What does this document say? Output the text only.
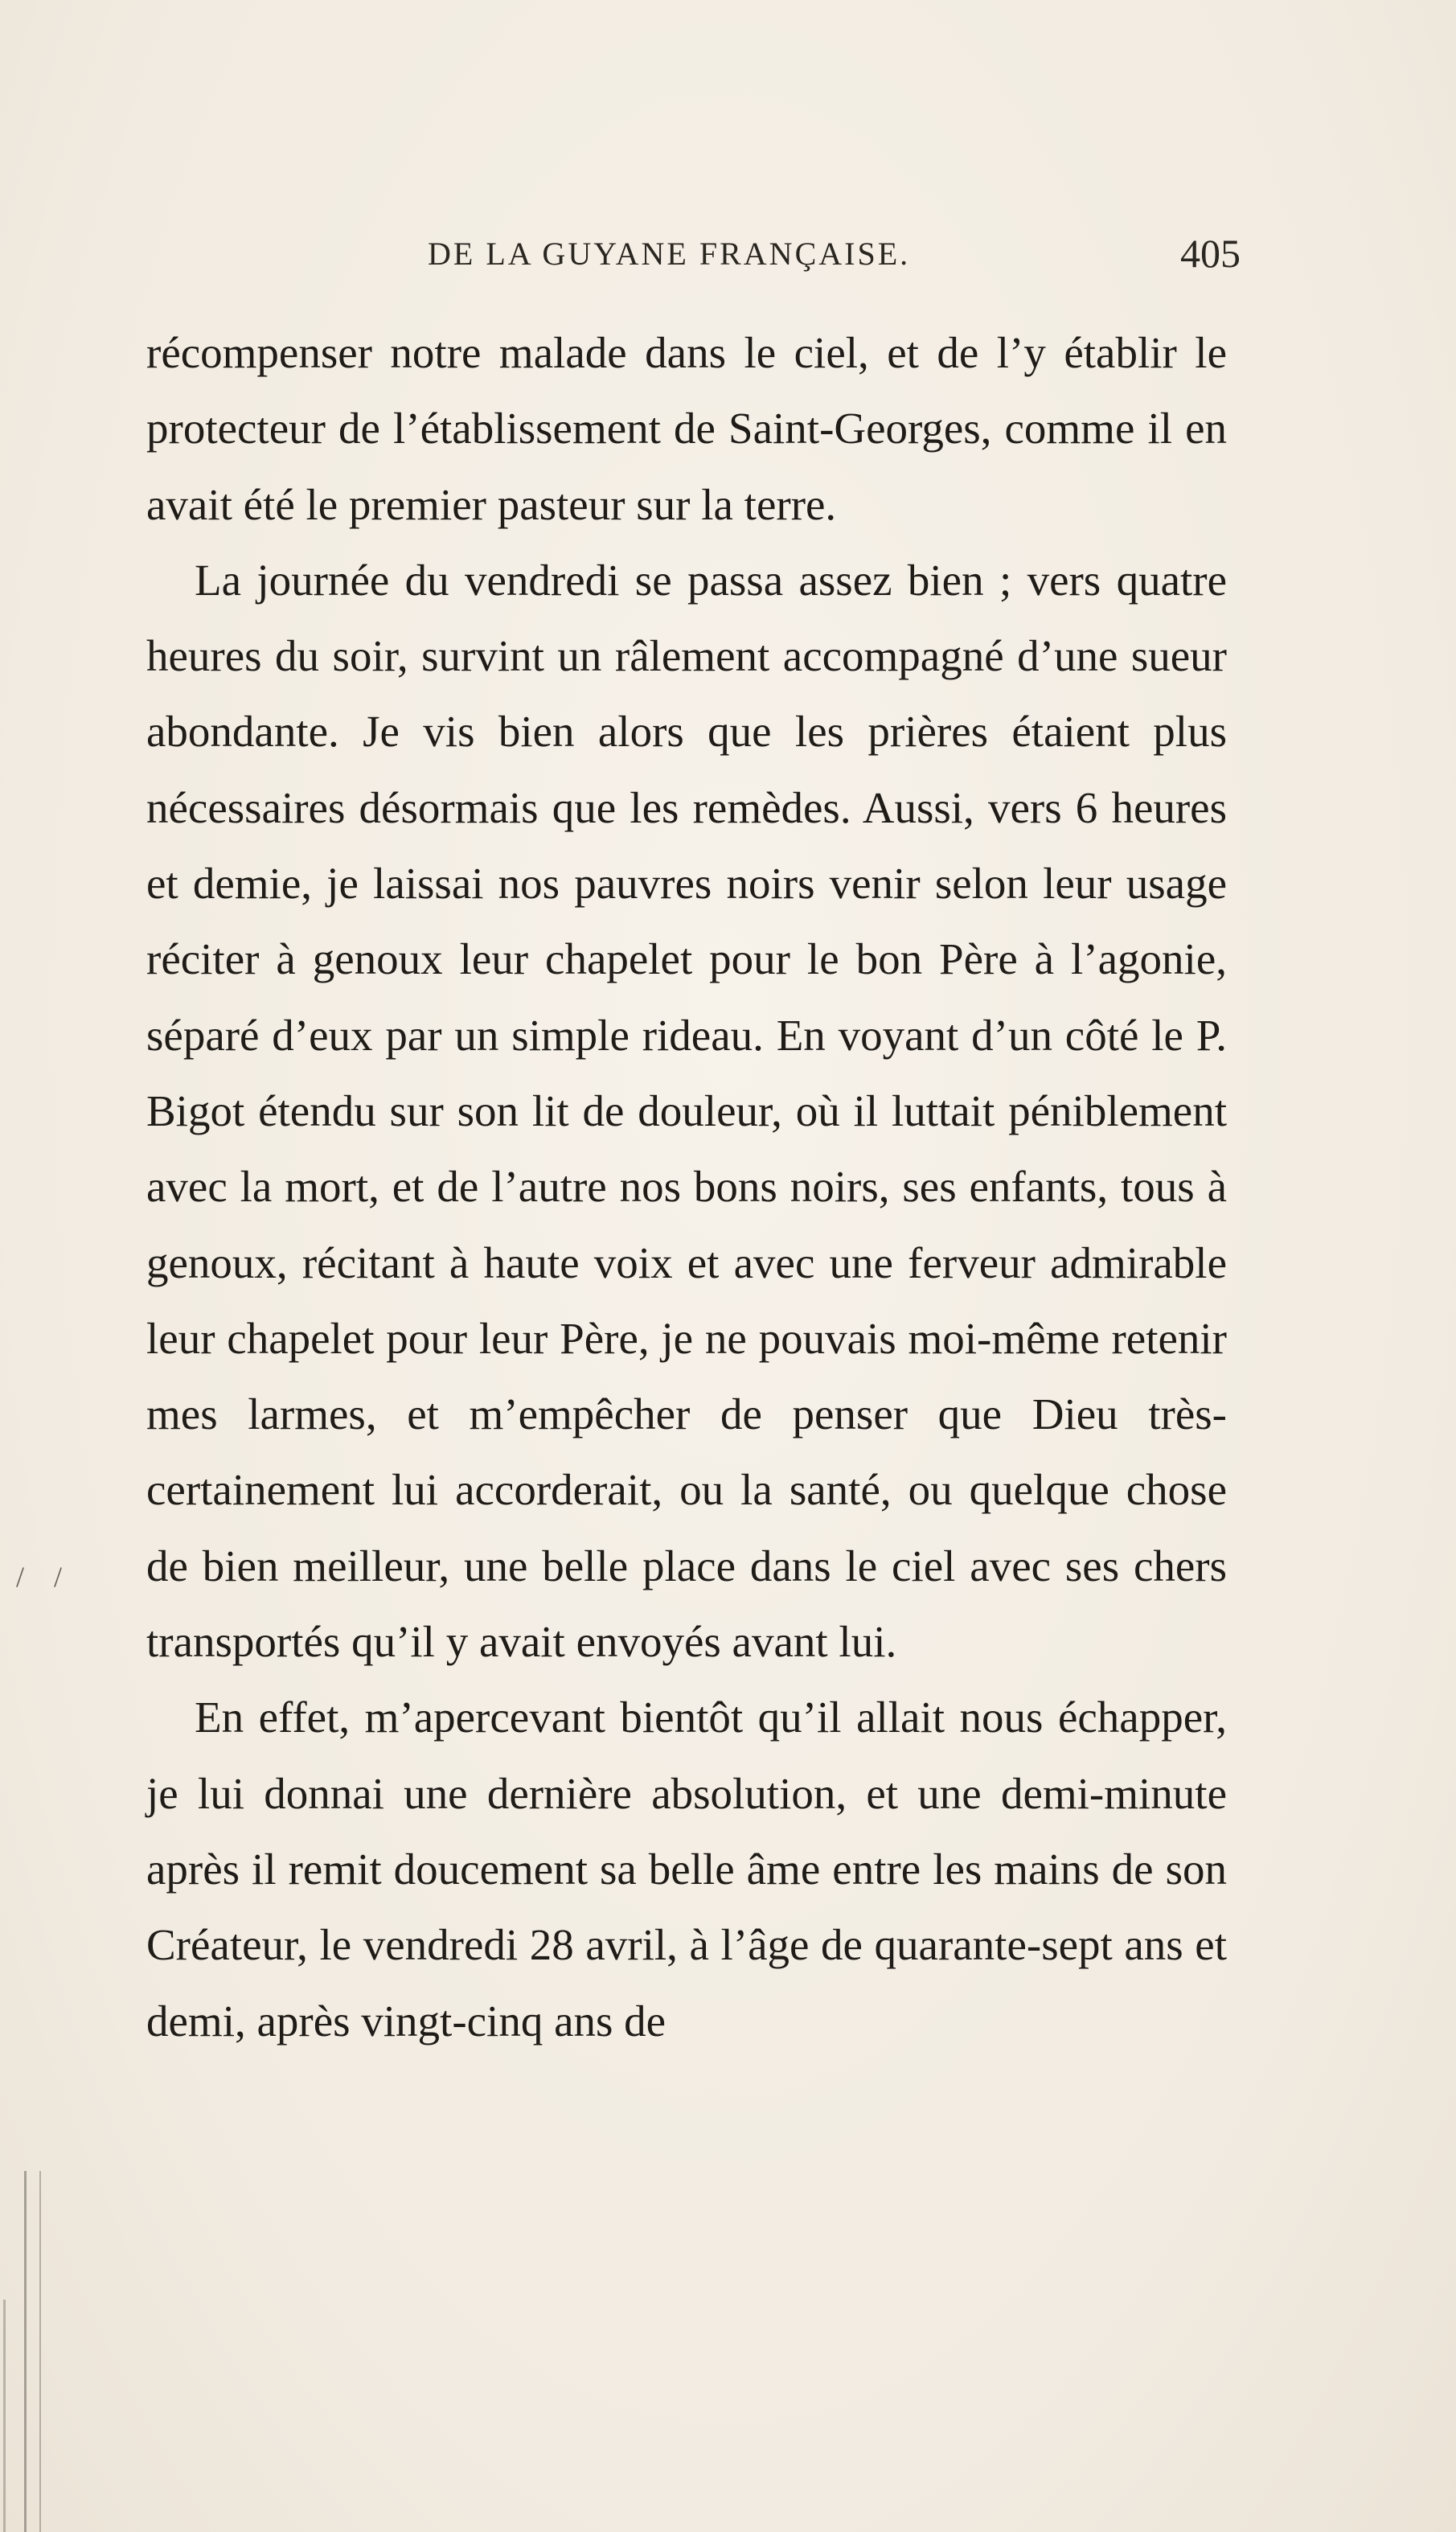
DE LA GUYANE FRANÇAISE.	405

récompenser notre malade dans le ciel, et de l’y établir le protecteur de l’établissement de Saint-Georges, comme il en avait été le premier pasteur sur la terre.

La journée du vendredi se passa assez bien ; vers quatre heures du soir, survint un râlement accompagné d’une sueur abondante. Je vis bien alors que les prières étaient plus nécessaires désormais que les remèdes. Aussi, vers 6 heures et demie, je laissai nos pauvres noirs venir selon leur usage réciter à genoux leur chapelet pour le bon Père à l’agonie, séparé d’eux par un simple rideau. En voyant d’un côté le P. Bigot étendu sur son lit de douleur, où il luttait péniblement avec la mort, et de l’autre nos bons noirs, ses enfants, tous à genoux, récitant à haute voix et avec une ferveur admirable leur chapelet pour leur Père, je ne pouvais moi-même retenir mes larmes, et m’empêcher de penser que Dieu très-certainement lui accorderait, ou la santé, ou quelque chose de bien meilleur, une belle place dans le ciel avec ses chers transportés qu’il y avait envoyés avant lui.

En effet, m’apercevant bientôt qu’il allait nous échapper, je lui donnai une dernière absolution, et une demi-minute après il remit doucement sa belle âme entre les mains de son Créateur, le vendredi 28 avril, à l’âge de quarante-sept ans et demi, après vingt-cinq ans de

/ /
